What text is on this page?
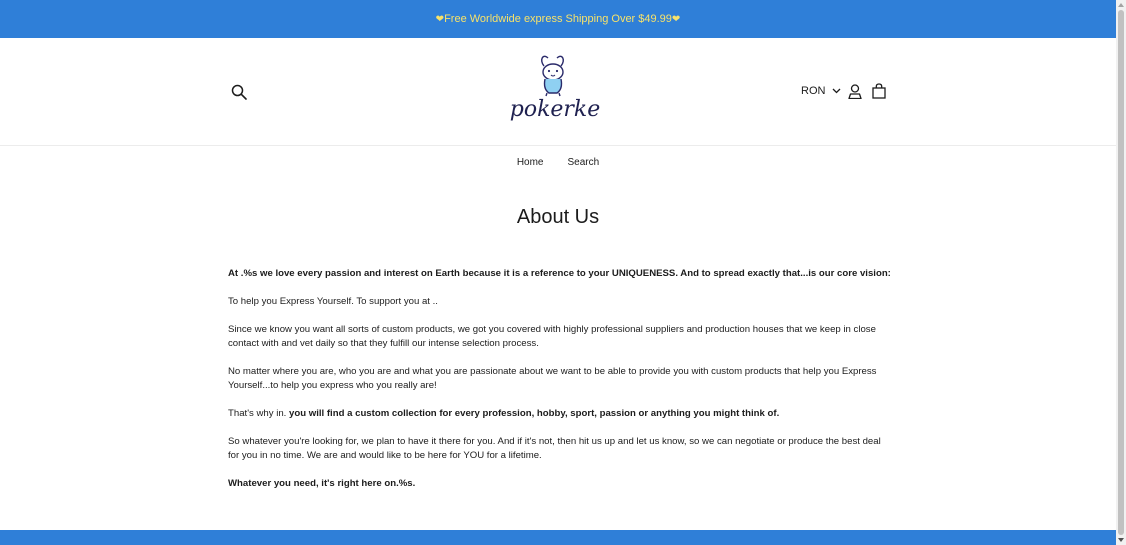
❤ Free Worldwide express Shipping Over $49.99 ❤
pokerke
RON
Home Search
About Us

At .%s we love every passion and interest on Earth because it is a reference to your UNIQUENESS. And to spread exactly that...is our core vision:

To help you Express Yourself. To support you at ..

Since we know you want all sorts of custom products, we got you covered with highly professional suppliers and production houses that we keep in close contact with and vet daily so that they fulfill our intense selection process.

No matter where you are, who you are and what you are passionate about we want to be able to provide you with custom products that help you Express Yourself...to help you express who you really are!

That's why in. you will find a custom collection for every profession, hobby, sport, passion or anything you might think of.

So whatever you're looking for, we plan to have it there for you. And if it's not, then hit us up and let us know, so we can negotiate or produce the best deal for you in no time. We are and would like to be here for YOU for a lifetime.

Whatever you need, it's right here on.%s.
